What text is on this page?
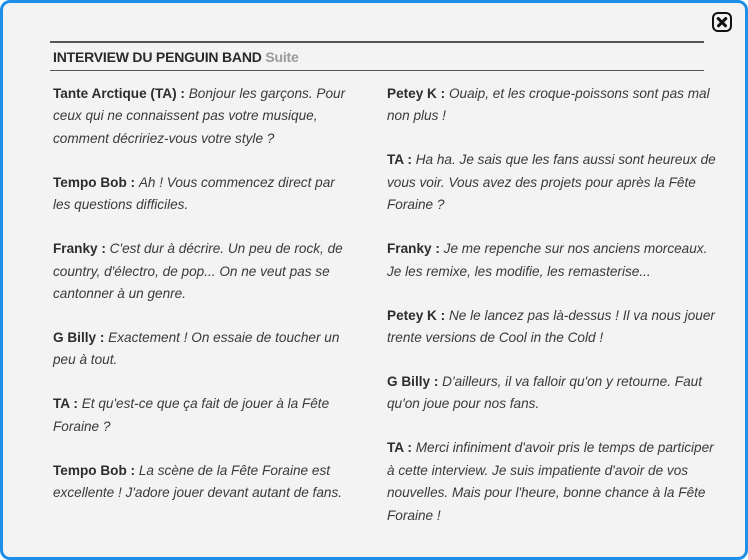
INTERVIEW DU PENGUIN BAND Suite

Tante Arctique (TA) : Bonjour les garçons. Pour ceux qui ne connaissent pas votre musique, comment décririez-vous votre style ?

Tempo Bob : Ah ! Vous commencez direct par les questions difficiles.

Franky : C'est dur à décrire. Un peu de rock, de country, d'électro, de pop... On ne veut pas se cantonner à un genre.

G Billy : Exactement ! On essaie de toucher un peu à tout.

TA : Et qu'est-ce que ça fait de jouer à la Fête Foraine ?

Tempo Bob : La scène de la Fête Foraine est excellente ! J'adore jouer devant autant de fans.

Petey K : Ouaip, et les croque-poissons sont pas mal non plus !

TA : Ha ha. Je sais que les fans aussi sont heureux de vous voir. Vous avez des projets pour après la Fête Foraine ?

Franky : Je me repenche sur nos anciens morceaux. Je les remixe, les modifie, les remasterise...

Petey K : Ne le lancez pas là-dessus ! Il va nous jouer trente versions de Cool in the Cold !

G Billy : D'ailleurs, il va falloir qu'on y retourne. Faut qu'on joue pour nos fans.

TA : Merci infiniment d'avoir pris le temps de participer à cette interview. Je suis impatiente d'avoir de vos nouvelles. Mais pour l'heure, bonne chance à la Fête Foraine !
